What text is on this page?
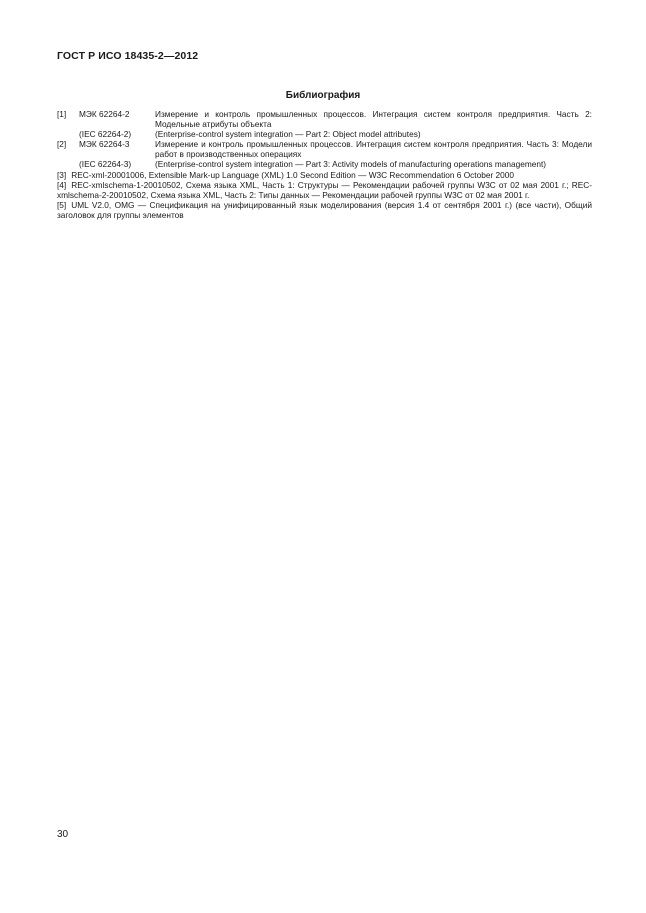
ГОСТ Р ИСО 18435-2—2012
Библиография
[1]	МЭК 62264-2	Измерение и контроль промышленных процессов. Интеграция систем контроля предприятия. Часть 2: Модельные атрибуты объекта
(IEC 62264-2)	(Enterprise-control system integration — Part 2: Object model attributes)
[2]	МЭК 62264-3	Измерение и контроль промышленных процессов. Интеграция систем контроля предприятия. Часть 3: Модели работ в производственных операциях
(IEC 62264-3)	(Enterprise-control system integration — Part 3: Activity models of manufacturing operations management)
[3] REC-xml-20001006, Extensible Mark-up Language (XML) 1.0 Second Edition — W3C Recommendation 6 October 2000
[4] REC-xmlschema-1-20010502, Схема языка XML, Часть 1: Структуры — Рекомендации рабочей группы W3C от 02 мая 2001 г.; REC-xmlschema-2-20010502, Схема языка XML, Часть 2: Типы данных — Рекомендации рабочей группы W3C от 02 мая 2001 г.
[5] UML V2.0, OMG — Спецификация на унифицированный язык моделирования (версия 1.4 от сентября 2001 г.) (все части), Общий заголовок для группы элементов
30
